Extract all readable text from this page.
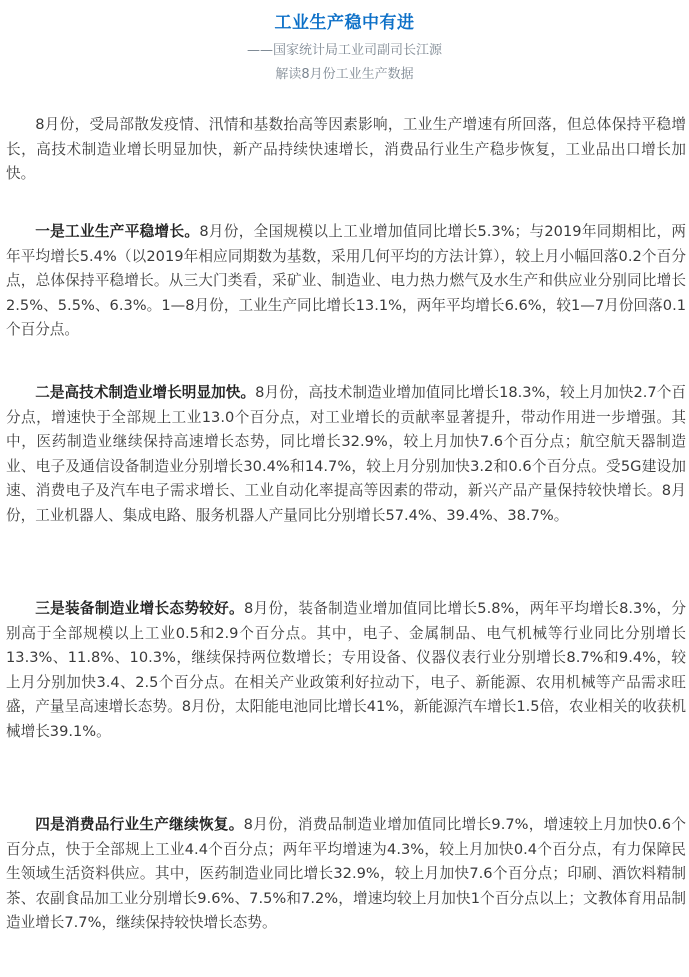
工业生产稳中有进
——国家统计局工业司副司长江源
解读8月份工业生产数据

8月份，受局部散发疫情、汛情和基数抬高等因素影响，工业生产增速有所回落，但总体保持平稳增长，高技术制造业增长明显加快，新产品持续快速增长，消费品行业生产稳步恢复，工业品出口增长加快。

一是工业生产平稳增长。8月份，全国规模以上工业增加值同比增长5.3%；与2019年同期相比，两年平均增长5.4%（以2019年相应同期数为基数，采用几何平均的方法计算），较上月小幅回落0.2个百分点，总体保持平稳增长。从三大门类看，采矿业、制造业、电力热力燃气及水生产和供应业分别同比增长2.5%、5.5%、6.3%。1—8月份，工业生产同比增长13.1%，两年平均增长6.6%，较1—7月份回落0.1个百分点。

二是高技术制造业增长明显加快。8月份，高技术制造业增加值同比增长18.3%，较上月加快2.7个百分点，增速快于全部规上工业13.0个百分点，对工业增长的贡献率显著提升，带动作用进一步增强。其中，医药制造业继续保持高速增长态势，同比增长32.9%，较上月加快7.6个百分点；航空航天器制造业、电子及通信设备制造业分别增长30.4%和14.7%，较上月分别加快3.2和0.6个百分点。受5G建设加速、消费电子及汽车电子需求增长、工业自动化率提高等因素的带动，新兴产品产量保持较快增长。8月份，工业机器人、集成电路、服务机器人产量同比分别增长57.4%、39.4%、38.7%。

三是装备制造业增长态势较好。8月份，装备制造业增加值同比增长5.8%，两年平均增长8.3%，分别高于全部规模以上工业0.5和2.9个百分点。其中，电子、金属制品、电气机械等行业同比分别增长13.3%、11.8%、10.3%，继续保持两位数增长；专用设备、仪器仪表行业分别增长8.7%和9.4%，较上月分别加快3.4、2.5个百分点。在相关产业政策利好拉动下，电子、新能源、农用机械等产品需求旺盛，产量呈高速增长态势。8月份，太阳能电池同比增长41%，新能源汽车增长1.5倍，农业相关的收获机械增长39.1%。

四是消费品行业生产继续恢复。8月份，消费品制造业增加值同比增长9.7%，增速较上月加快0.6个百分点，快于全部规上工业4.4个百分点；两年平均增速为4.3%，较上月加快0.4个百分点，有力保障民生领域生活资料供应。其中，医药制造业同比增长32.9%，较上月加快7.6个百分点；印刷、酒饮料精制茶、农副食品加工业分别增长9.6%、7.5%和7.2%，增速均较上月加快1个百分点以上；文教体育用品制造业增长7.7%，继续保持较快增长态势。
